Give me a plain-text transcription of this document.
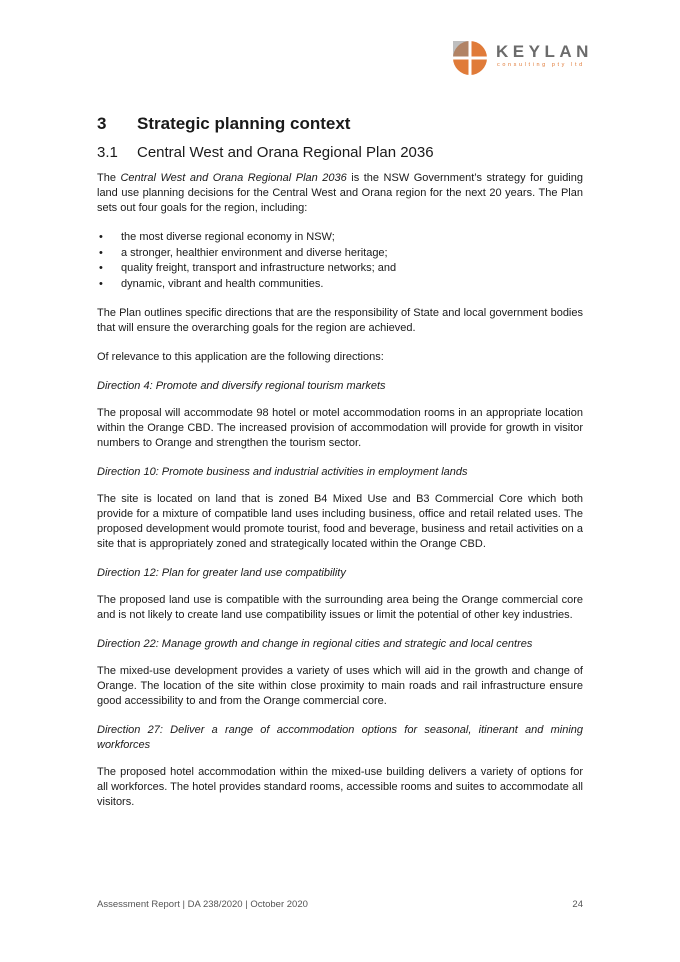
KEYLAN
consulting pty ltd
3	Strategic planning context
3.1	Central West and Orana Regional Plan 2036

The Central West and Orana Regional Plan 2036 is the NSW Government’s strategy for guiding land use planning decisions for the Central West and Orana region for the next 20 years. The Plan sets out four goals for the region, including:

•	the most diverse regional economy in NSW;
•	a stronger, healthier environment and diverse heritage;
•	quality freight, transport and infrastructure networks; and
•	dynamic, vibrant and health communities.

The Plan outlines specific directions that are the responsibility of State and local government bodies that will ensure the overarching goals for the region are achieved.

Of relevance to this application are the following directions:

Direction 4: Promote and diversify regional tourism markets

The proposal will accommodate 98 hotel or motel accommodation rooms in an appropriate location within the Orange CBD. The increased provision of accommodation will provide for growth in visitor numbers to Orange and strengthen the tourism sector.

Direction 10: Promote business and industrial activities in employment lands

The site is located on land that is zoned B4 Mixed Use and B3 Commercial Core which both provide for a mixture of compatible land uses including business, office and retail related uses. The proposed development would promote tourist, food and beverage, business and retail activities on a site that is appropriately zoned and strategically located within the Orange CBD.

Direction 12: Plan for greater land use compatibility

The proposed land use is compatible with the surrounding area being the Orange commercial core and is not likely to create land use compatibility issues or limit the potential of other key industries.

Direction 22: Manage growth and change in regional cities and strategic and local centres

The mixed-use development provides a variety of uses which will aid in the growth and change of Orange. The location of the site within close proximity to main roads and rail infrastructure ensure good accessibility to and from the Orange commercial core.

Direction 27: Deliver a range of accommodation options for seasonal, itinerant and mining workforces

The proposed hotel accommodation within the mixed-use building delivers a variety of options for all workforces. The hotel provides standard rooms, accessible rooms and suites to accommodate all visitors.

Assessment Report | DA 238/2020 | October 2020	24
